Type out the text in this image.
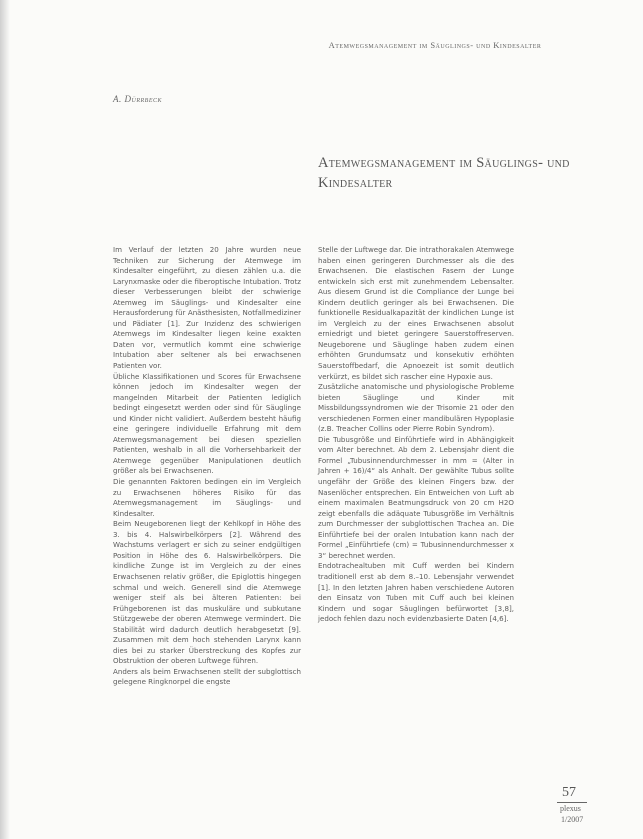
Atemwegsmanagement im Säuglings- und Kindesalter
A. Dürrbeck
Atemwegsmanagement im Säuglings- und Kindesalter

Im Verlauf der letzten 20 Jahre wurden neue Techniken zur Sicherung der Atemwege im Kindesalter eingeführt, zu diesen zählen u.a. die Larynxmaske oder die fiberoptische Intubation. Trotz dieser Verbesserungen bleibt der schwierige Atemweg im Säuglings- und Kindesalter eine Herausforderung für Anästhesisten, Notfallmediziner und Pädiater [1]. Zur Inzidenz des schwierigen Atemwegs im Kindesalter liegen keine exakten Daten vor, vermutlich kommt eine schwierige Intubation aber seltener als bei erwachsenen Patienten vor.

Übliche Klassifikationen und Scores für Erwachsene können jedoch im Kindesalter wegen der mangelnden Mitarbeit der Patienten lediglich bedingt eingesetzt werden oder sind für Säuglinge und Kinder nicht validiert. Außerdem besteht häufig eine geringere individuelle Erfahrung mit dem Atemwegsmanagement bei diesen speziellen Patienten, weshalb in all die Vorhersehbarkeit der Atemwege gegenüber Manipulationen deutlich größer als bei Erwachsenen.

Die genannten Faktoren bedingen ein im Vergleich zu Erwachsenen höheres Risiko für das Atemwegsmanagement im Säuglings- und Kindesalter.

Beim Neugeborenen liegt der Kehlkopf in Höhe des 3. bis 4. Halswirbelkörpers [2]. Während des Wachstums verlagert er sich zu seiner endgültigen Position in Höhe des 6. Halswirbelkörpers. Die kindliche Zunge ist im Vergleich zu der eines Erwachsenen relativ größer, die Epiglottis hingegen schmal und weich. Generell sind die Atemwege weniger steif als bei älteren Patienten: bei Frühgeborenen ist das muskuläre und subkutane Stützgewebe der oberen Atemwege vermindert. Die Stabilität wird dadurch deutlich herabgesetzt [9]. Zusammen mit dem hoch stehenden Larynx kann dies bei zu starker Überstreckung des Kopfes zur Obstruktion der oberen Luftwege führen.

Anders als beim Erwachsenen stellt der subglottisch gelegene Ringknorpel die engste

Stelle der Luftwege dar. Die intrathorakalen Atemwege haben einen geringeren Durchmesser als die des Erwachsenen. Die elastischen Fasern der Lunge entwickeln sich erst mit zunehmendem Lebensalter. Aus diesem Grund ist die Compliance der Lunge bei Kindern deutlich geringer als bei Erwachsenen. Die funktionelle Residualkapazität der kindlichen Lunge ist im Vergleich zu der eines Erwachsenen absolut erniedrigt und bietet geringere Sauerstoffreserven. Neugeborene und Säuglinge haben zudem einen erhöhten Grundumsatz und konsekutiv erhöhten Sauerstoffbedarf, die Apnoezeit ist somit deutlich verkürzt, es bildet sich rascher eine Hypoxie aus.

Zusätzliche anatomische und physiologische Probleme bieten Säuglinge und Kinder mit Missbildungssyndromen wie der Trisomie 21 oder den verschiedenen Formen einer mandibulären Hypoplasie (z.B. Treacher Collins oder Pierre Robin Syndrom).

Die Tubusgröße und Einführtiefe wird in Abhängigkeit vom Alter berechnet. Ab dem 2. Lebensjahr dient die Formel „Tubusinnendurchmesser in mm = (Alter in Jahren + 16)/4“ als Anhalt. Der gewählte Tubus sollte ungefähr der Größe des kleinen Fingers bzw. der Nasenlöcher entsprechen. Ein Entweichen von Luft ab einem maximalen Beatmungsdruck von 20 cm H2O zeigt ebenfalls die adäquate Tubusgröße im Verhältnis zum Durchmesser der subglottischen Trachea an. Die Einführtiefe bei der oralen Intubation kann nach der Formel „Einführtiefe (cm) = Tubusinnendurchmesser x 3“ berechnet werden.

Endotrachealtuben mit Cuff werden bei Kindern traditionell erst ab dem 8.–10. Lebensjahr verwendet [1]. In den letzten Jahren haben verschiedene Autoren den Einsatz von Tuben mit Cuff auch bei kleinen Kindern und sogar Säuglingen befürwortet [3,8], jedoch fehlen dazu noch evidenzbasierte Daten [4,6].

57
plexus
1/2007
